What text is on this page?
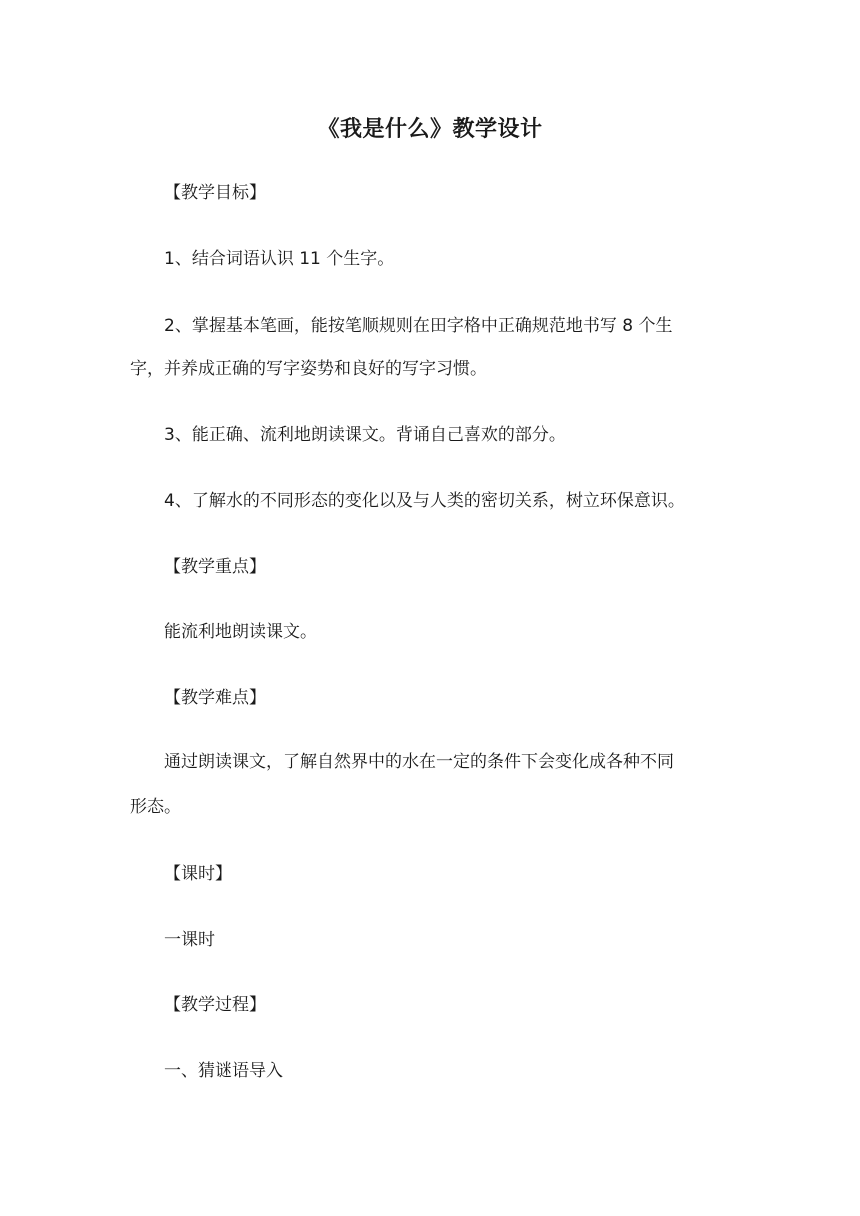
《我是什么》教学设计
【教学目标】
1、结合词语认识 11 个生字。
2、掌握基本笔画，能按笔顺规则在田字格中正确规范地书写 8 个生
字，并养成正确的写字姿势和良好的写字习惯。
3、能正确、流利地朗读课文。背诵自己喜欢的部分。
4、了解水的不同形态的变化以及与人类的密切关系，树立环保意识。
【教学重点】
能流利地朗读课文。
【教学难点】
通过朗读课文，了解自然界中的水在一定的条件下会变化成各种不同
形态。
【课时】
一课时
【教学过程】
一、猜谜语导入
